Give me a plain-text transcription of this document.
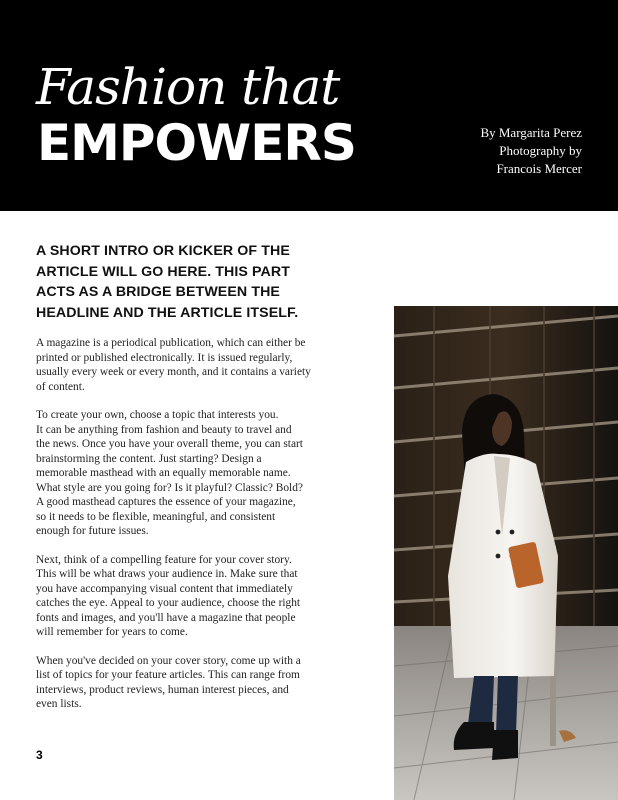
Fashion that
EMPOWERS	By Margarita Perez
Photography by
Francois Mercer
A SHORT INTRO OR KICKER OF THE
ARTICLE WILL GO HERE. THIS PART
ACTS AS A BRIDGE BETWEEN THE
HEADLINE AND THE ARTICLE ITSELF.
A magazine is a periodical publication, which can either be
printed or published electronically. It is issued regularly,
usually every week or every month, and it contains a variety
of content.
To create your own, choose a topic that interests you.
It can be anything from fashion and beauty to travel and
the news. Once you have your overall theme, you can start
brainstorming the content. Just starting? Design a
memorable masthead with an equally memorable name.
What style are you going for? Is it playful? Classic? Bold?
A good masthead captures the essence of your magazine,
so it needs to be flexible, meaningful, and consistent
enough for future issues.
Next, think of a compelling feature for your cover story.
This will be what draws your audience in. Make sure that
you have accompanying visual content that immediately
catches the eye. Appeal to your audience, choose the right
fonts and images, and you'll have a magazine that people
will remember for years to come.
When you've decided on your cover story, come up with a
list of topics for your feature articles. This can range from
interviews, product reviews, human interest pieces, and
even lists.
3
